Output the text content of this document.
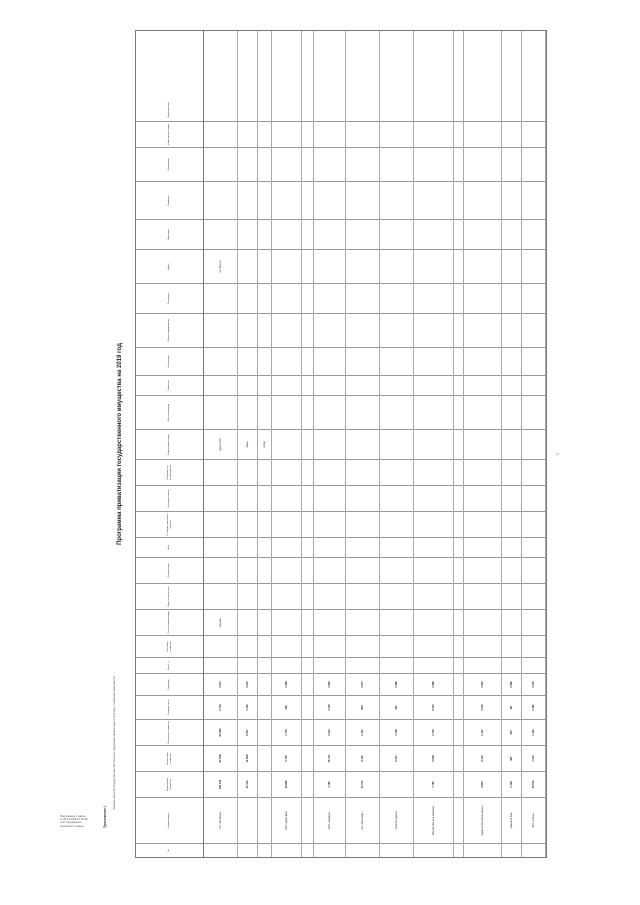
Приложение к закону
от 25.12.2018 № 78-ЗО
«Об утверждении
прогнозного плана»	Приложение 1
Перечень объектов государственной собственности, подлежащих приватизации в 2019 году, с указанием характеристик
Программа приватизации государственного имущества на 2019 год
№
Наименование
Кадастровая стоимость
Балансовая стоимость
Остаточная стоимость
Площадь, кв. м
Год ввода
Износ, %
Рыночная стоимость
Способ приватизации
Вид собственности
Обременения
Срок
Площадь земельного участка
Категория земель
Разрешённое использование
Кадастровый номер
Местоположение
Этажность
Назначение
Объект недвижимости
Основание
Адрес
Вид права
Реквизиты
Примечание
Инвентарный номер
Ответственный
ГУП «Автобаза»
196 432
87 518
92 816
2 745
1 874
аукцион
здание АБК
ул. Ленина
24 115
11 826
6 517
1 450
1 972
гараж	склад
ООО «Дорстрой»
19 856
3 716
4 715
395
1 968
ОАО «Энергия»
4 182
16 417
3 212
1 215
1 984
АО «Транспорт»
12 374
8 415
2 112
845
1 977
Нежилое здание
5 217
1 418
420
1 986
Имущественный комплекс
7 462
9 918
2 745
5 314
1 969
Административное здание
3 845
6 412
1 127
1 042
1 991
Гаражный бокс
1 128
987
345
86
1 982
ПАО «Связь»
15 643
4 214
1 112
2 187
1 975
17
